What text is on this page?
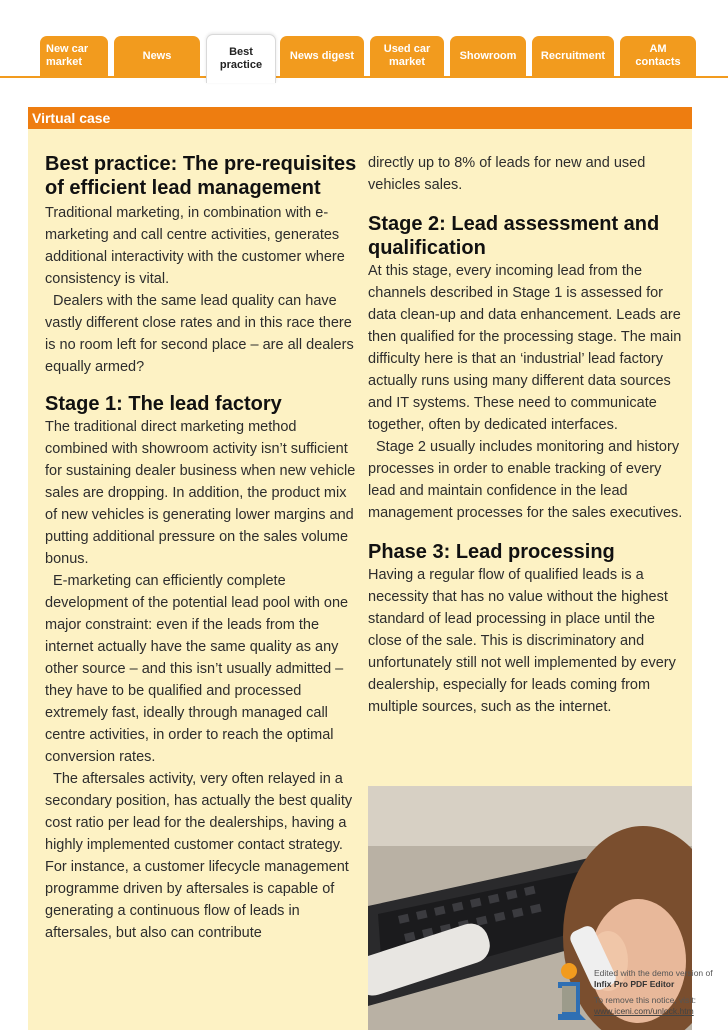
New car market
News	News digest
Used car market
Showroom Recruitment
AM contacts
Best practice
Virtual case
Best practice: The pre-requisites of efficient lead management

Traditional marketing, in combination with e-marketing and call centre activities, generates additional interactivity with the customer where consistency is vital.

Dealers with the same lead quality can have vastly different close rates and in this race there is no room left for second place – are all dealers equally armed?

Stage 1: The lead factory

The traditional direct marketing method combined with showroom activity isn’t sufficient for sustaining dealer business when new vehicle sales are dropping. In addition, the product mix of new vehicles is generating lower margins and putting additional pressure on the sales volume bonus.

E-marketing can efficiently complete development of the potential lead pool with one major constraint: even if the leads from the internet actually have the same quality as any other source – and this isn’t usually admitted – they have to be qualified and processed extremely fast, ideally through managed call centre activities, in order to reach the optimal conversion rates.

The aftersales activity, very often relayed in a secondary position, has actually the best quality cost ratio per lead for the dealerships, having a highly implemented customer contact strategy. For instance, a customer lifecycle management programme driven by aftersales is capable of generating a continuous flow of leads in aftersales, but also can contribute

directly up to 8% of leads for new and used vehicles sales.

Stage 2: Lead assessment and qualification

At this stage, every incoming lead from the channels described in Stage 1 is assessed for data clean-up and data enhancement. Leads are then qualified for the processing stage. The main difficulty here is that an ‘industrial’ lead factory actually runs using many different data sources and IT systems. These need to communicate together, often by dedicated interfaces.

Stage 2 usually includes monitoring and history processes in order to enable tracking of every lead and maintain confidence in the lead management processes for the sales executives.

Phase 3: Lead processing

Having a regular flow of qualified leads is a necessity that has no value without the highest standard of lead processing in place until the close of the sale. This is discriminatory and unfortunately still not well implemented by every dealership, especially for leads coming from multiple sources, such as the internet.

Edited with the demo version of
Infix Pro PDF Editor
To remove this notice, visit:
www.iceni.com/unlock.htm
